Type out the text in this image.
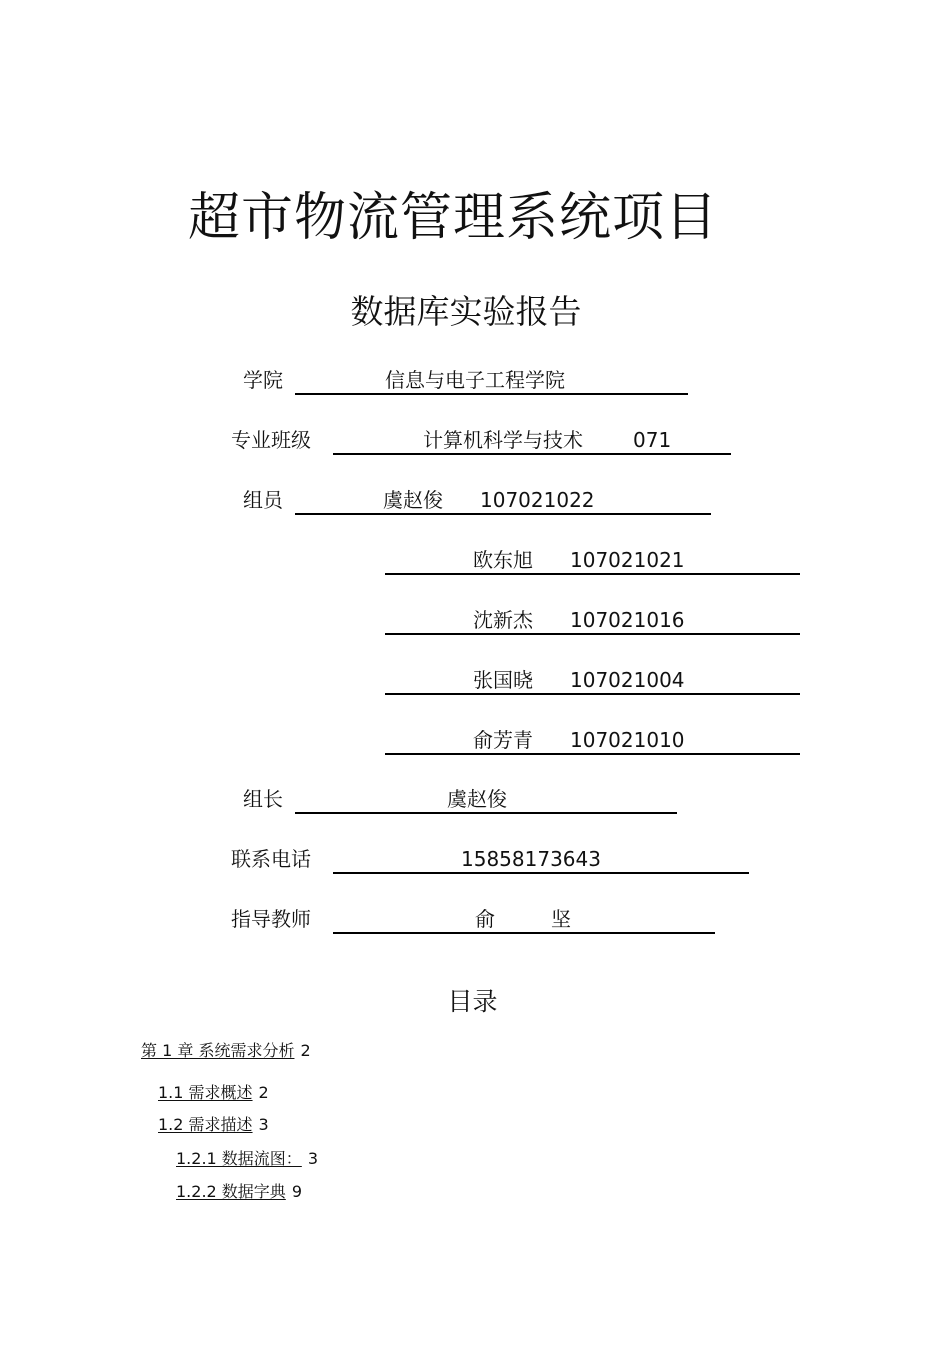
超市物流管理系统项目
数据库实验报告
学院	信息与电子工程学院
专业班级	计算机科学与技术	071
组员	虞赵俊 107021022
欧东旭 107021021
沈新杰 107021016
张国晓 107021004
俞芳青 107021010
组长	虞赵俊
联系电话	15858173643
指导教师	俞	坚
目录
第 1 章 系统需求分析 2
1.1 需求概述 2
1.2 需求描述 3
1.2.1 数据流图： 3
1.2.2 数据字典 9
